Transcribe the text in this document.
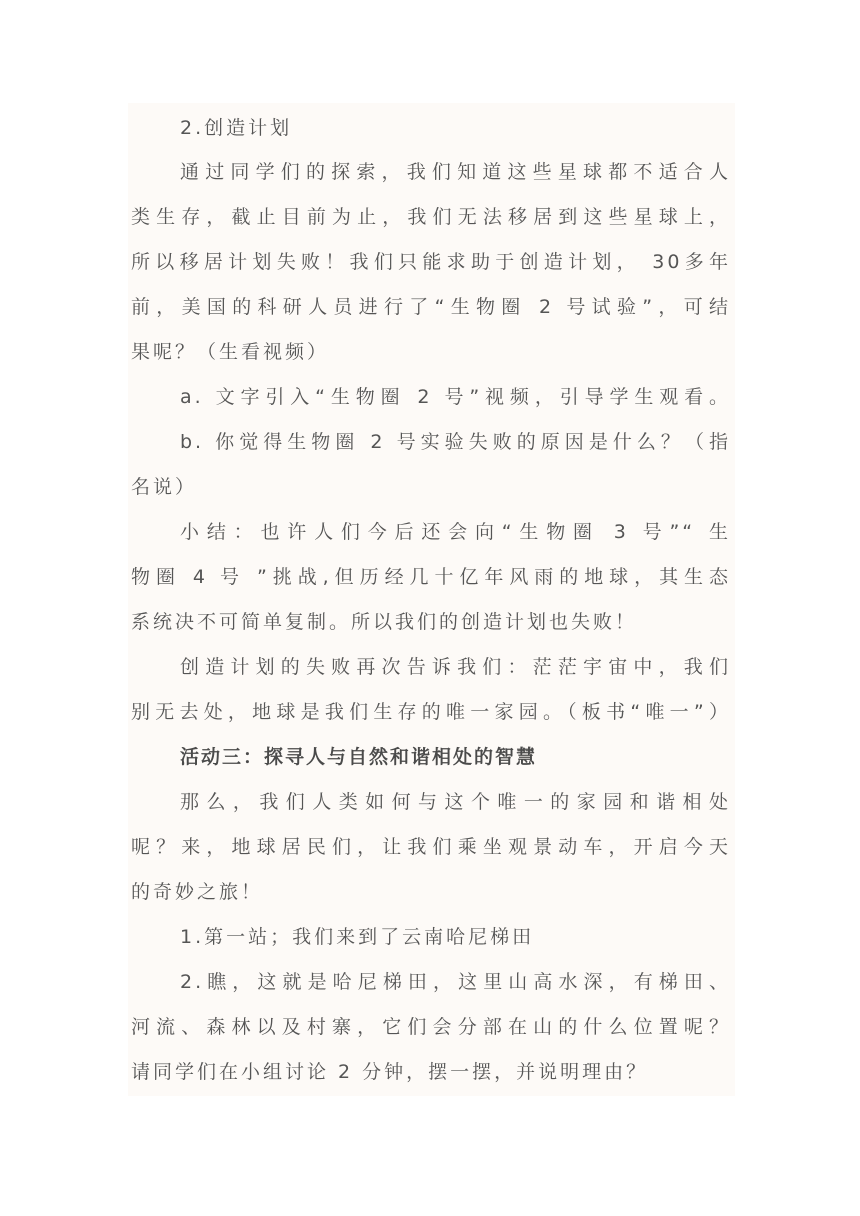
2.创造计划
通过同学们的探索，我们知道这些星球都不适合人
类生存，截止目前为止，我们无法移居到这些星球上，
所以移居计划失败！我们只能求助于创造计划， 30多年
前，美国的科研人员进行了“生物圈 2 号试验”，可结
果呢？（生看视频）
a. 文字引入“生物圈 2 号”视频，引导学生观看。
b. 你觉得生物圈 2 号实验失败的原因是什么？（指
名说）
小结：也许人们今后还会向“生物圈 3 号”“ 生
物圈 4 号 ”挑战,但历经几十亿年风雨的地球，其生态
系统决不可简单复制。所以我们的创造计划也失败！
创造计划的失败再次告诉我们：茫茫宇宙中，我们
别无去处，地球是我们生存的唯一家园。（板书“唯一”）
活动三：探寻人与自然和谐相处的智慧
那么，我们人类如何与这个唯一的家园和谐相处
呢？来，地球居民们，让我们乘坐观景动车，开启今天
的奇妙之旅！
1.第一站；我们来到了云南哈尼梯田
2.瞧，这就是哈尼梯田，这里山高水深，有梯田、
河流、森林以及村寨，它们会分部在山的什么位置呢？
请同学们在小组讨论 2 分钟，摆一摆，并说明理由？
